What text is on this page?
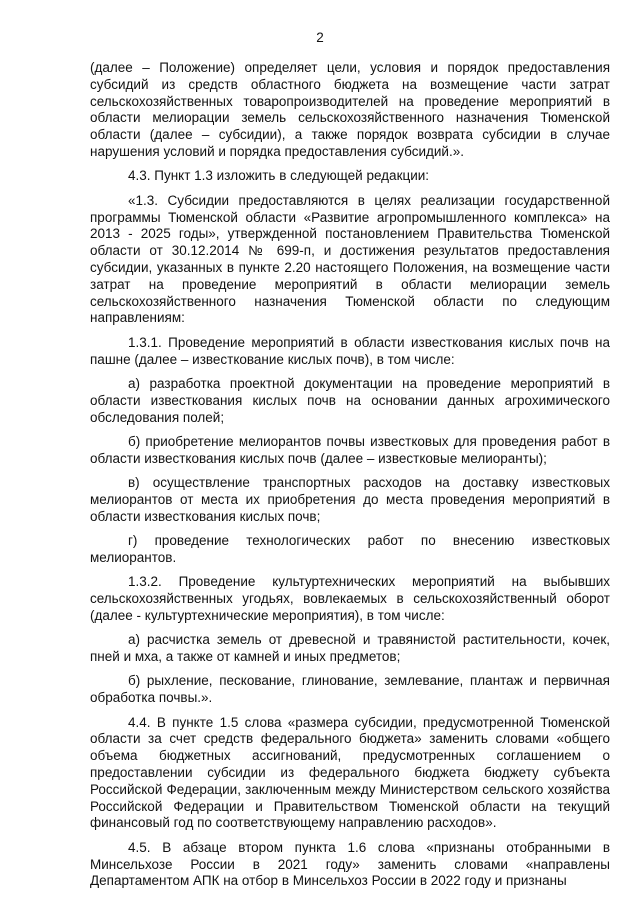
2

(далее – Положение) определяет цели, условия и порядок предоставления субсидий из средств областного бюджета на возмещение части затрат сельскохозяйственных товаропроизводителей на проведение мероприятий в области мелиорации земель сельскохозяйственного назначения Тюменской области (далее – субсидии), а также порядок возврата субсидии в случае нарушения условий и порядка предоставления субсидий.».

4.3. Пункт 1.3 изложить в следующей редакции:

«1.3. Субсидии предоставляются в целях реализации государственной программы Тюменской области «Развитие агропромышленного комплекса» на 2013 - 2025 годы», утвержденной постановлением Правительства Тюменской области от 30.12.2014 № 699-п, и достижения результатов предоставления субсидии, указанных в пункте 2.20 настоящего Положения, на возмещение части затрат на проведение мероприятий в области мелиорации земель сельскохозяйственного назначения Тюменской области по следующим направлениям:

1.3.1. Проведение мероприятий в области известкования кислых почв на пашне (далее – известкование кислых почв), в том числе:

а) разработка проектной документации на проведение мероприятий в области известкования кислых почв на основании данных агрохимического обследования полей;

б) приобретение мелиорантов почвы известковых для проведения работ в области известкования кислых почв (далее – известковые мелиоранты);

в) осуществление транспортных расходов на доставку известковых мелиорантов от места их приобретения до места проведения мероприятий в области известкования кислых почв;

г) проведение технологических работ по внесению известковых мелиорантов.

1.3.2. Проведение культуртехнических мероприятий на выбывших сельскохозяйственных угодьях, вовлекаемых в сельскохозяйственный оборот (далее - культуртехнические мероприятия), в том числе:

а) расчистка земель от древесной и травянистой растительности, кочек, пней и мха, а также от камней и иных предметов;

б) рыхление, пескование, глинование, землевание, плантаж и первичная обработка почвы.».

4.4. В пункте 1.5 слова «размера субсидии, предусмотренной Тюменской области за счет средств федерального бюджета» заменить словами «общего объема бюджетных ассигнований, предусмотренных соглашением о предоставлении субсидии из федерального бюджета бюджету субъекта Российской Федерации, заключенным между Министерством сельского хозяйства Российской Федерации и Правительством Тюменской области на текущий финансовый год по соответствующему направлению расходов».

4.5. В абзаце втором пункта 1.6 слова «признаны отобранными в Минсельхозе России в 2021 году» заменить словами «направлены Департаментом АПК на отбор в Минсельхоз России в 2022 году и признаны
